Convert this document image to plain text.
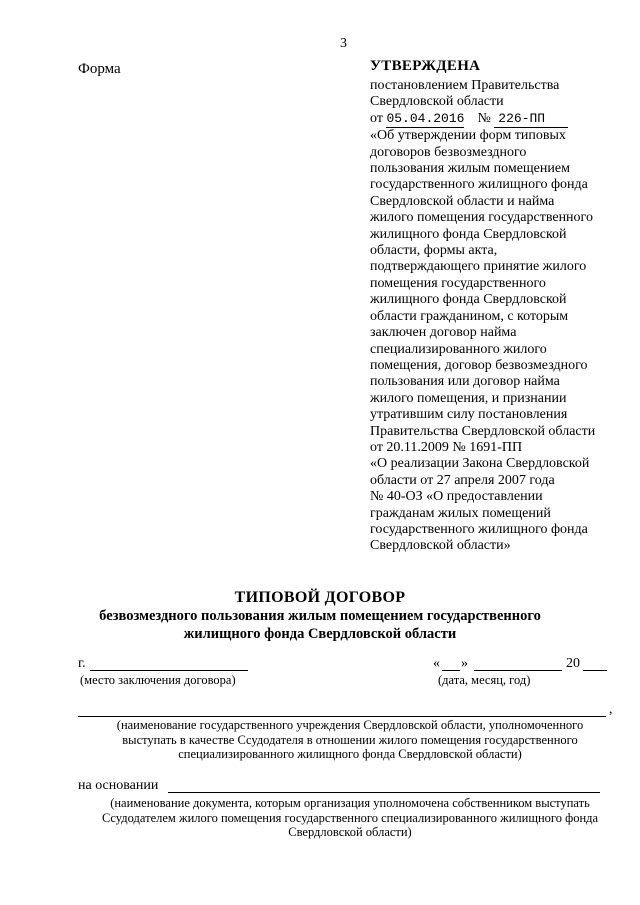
3
Форма	УТВЕРЖДЕНА
постановлением Правительства
Свердловской области
от 05.04.2016 № 226-ПП
«Об утверждении форм типовых
договоров безвозмездного
пользования жилым помещением
государственного жилищного фонда
Свердловской области и найма
жилого помещения государственного
жилищного фонда Свердловской
области, формы акта,
подтверждающего принятие жилого
помещения государственного
жилищного фонда Свердловской
области гражданином, с которым
заключен договор найма
специализированного жилого
помещения, договор безвозмездного
пользования или договор найма
жилого помещения, и признании
утратившим силу постановления
Правительства Свердловской области
от 20.11.2009 № 1691-ПП
«О реализации Закона Свердловской
области от 27 апреля 2007 года
№ 40-ОЗ «О предоставлении
гражданам жилых помещений
государственного жилищного фонда
Свердловской области»
ТИПОВОЙ ДОГОВОР
безвозмездного пользования жилым помещением государственного
жилищного фонда Свердловской области
г.
(место заключения договора)
« »	20
(дата, месяц, год)
,
(наименование государственного учреждения Свердловской области, уполномоченного
выступать в качестве Ссудодателя в отношении жилого помещения государственного
специализированного жилищного фонда Свердловской области)
на основании
(наименование документа, которым организация уполномочена собственником выступать
Ссудодателем жилого помещения государственного специализированного жилищного фонда
Свердловской области)
